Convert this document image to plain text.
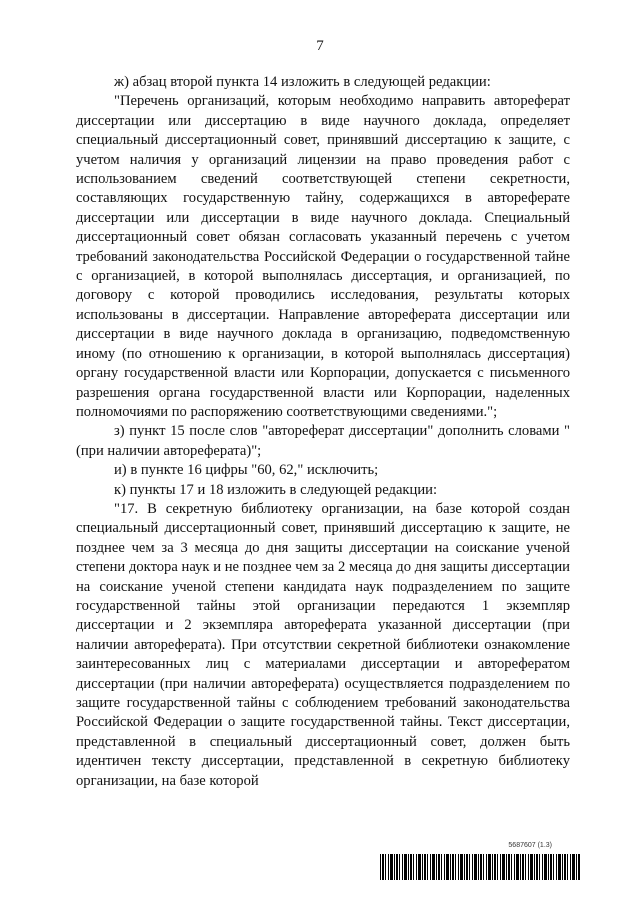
7

ж) абзац второй пункта 14 изложить в следующей редакции:

"Перечень организаций, которым необходимо направить автореферат диссертации или диссертацию в виде научного доклада, определяет специальный диссертационный совет, принявший диссертацию к защите, с учетом наличия у организаций лицензии на право проведения работ с использованием сведений соответствующей степени секретности, составляющих государственную тайну, содержащихся в автореферате диссертации или диссертации в виде научного доклада. Специальный диссертационный совет обязан согласовать указанный перечень с учетом требований законодательства Российской Федерации о государственной тайне с организацией, в которой выполнялась диссертация, и организацией, по договору с которой проводились исследования, результаты которых использованы в диссертации. Направление автореферата диссертации или диссертации в виде научного доклада в организацию, подведомственную иному (по отношению к организации, в которой выполнялась диссертация) органу государственной власти или Корпорации, допускается с письменного разрешения органа государственной власти или Корпорации, наделенных полномочиями по распоряжению соответствующими сведениями.";

з) пункт 15 после слов "автореферат диссертации" дополнить словами "(при наличии автореферата)";

и) в пункте 16 цифры "60, 62," исключить;

к) пункты 17 и 18 изложить в следующей редакции:

"17. В секретную библиотеку организации, на базе которой создан специальный диссертационный совет, принявший диссертацию к защите, не позднее чем за 3 месяца до дня защиты диссертации на соискание ученой степени доктора наук и не позднее чем за 2 месяца до дня защиты диссертации на соискание ученой степени кандидата наук подразделением по защите государственной тайны этой организации передаются 1 экземпляр диссертации и 2 экземпляра автореферата указанной диссертации (при наличии автореферата). При отсутствии секретной библиотеки ознакомление заинтересованных лиц с материалами диссертации и авторефератом диссертации (при наличии автореферата) осуществляется подразделением по защите государственной тайны с соблюдением требований законодательства Российской Федерации о защите государственной тайны. Текст диссертации, представленной в специальный диссертационный совет, должен быть идентичен тексту диссертации, представленной в секретную библиотеку организации, на базе которой

5687607 (1.3)
